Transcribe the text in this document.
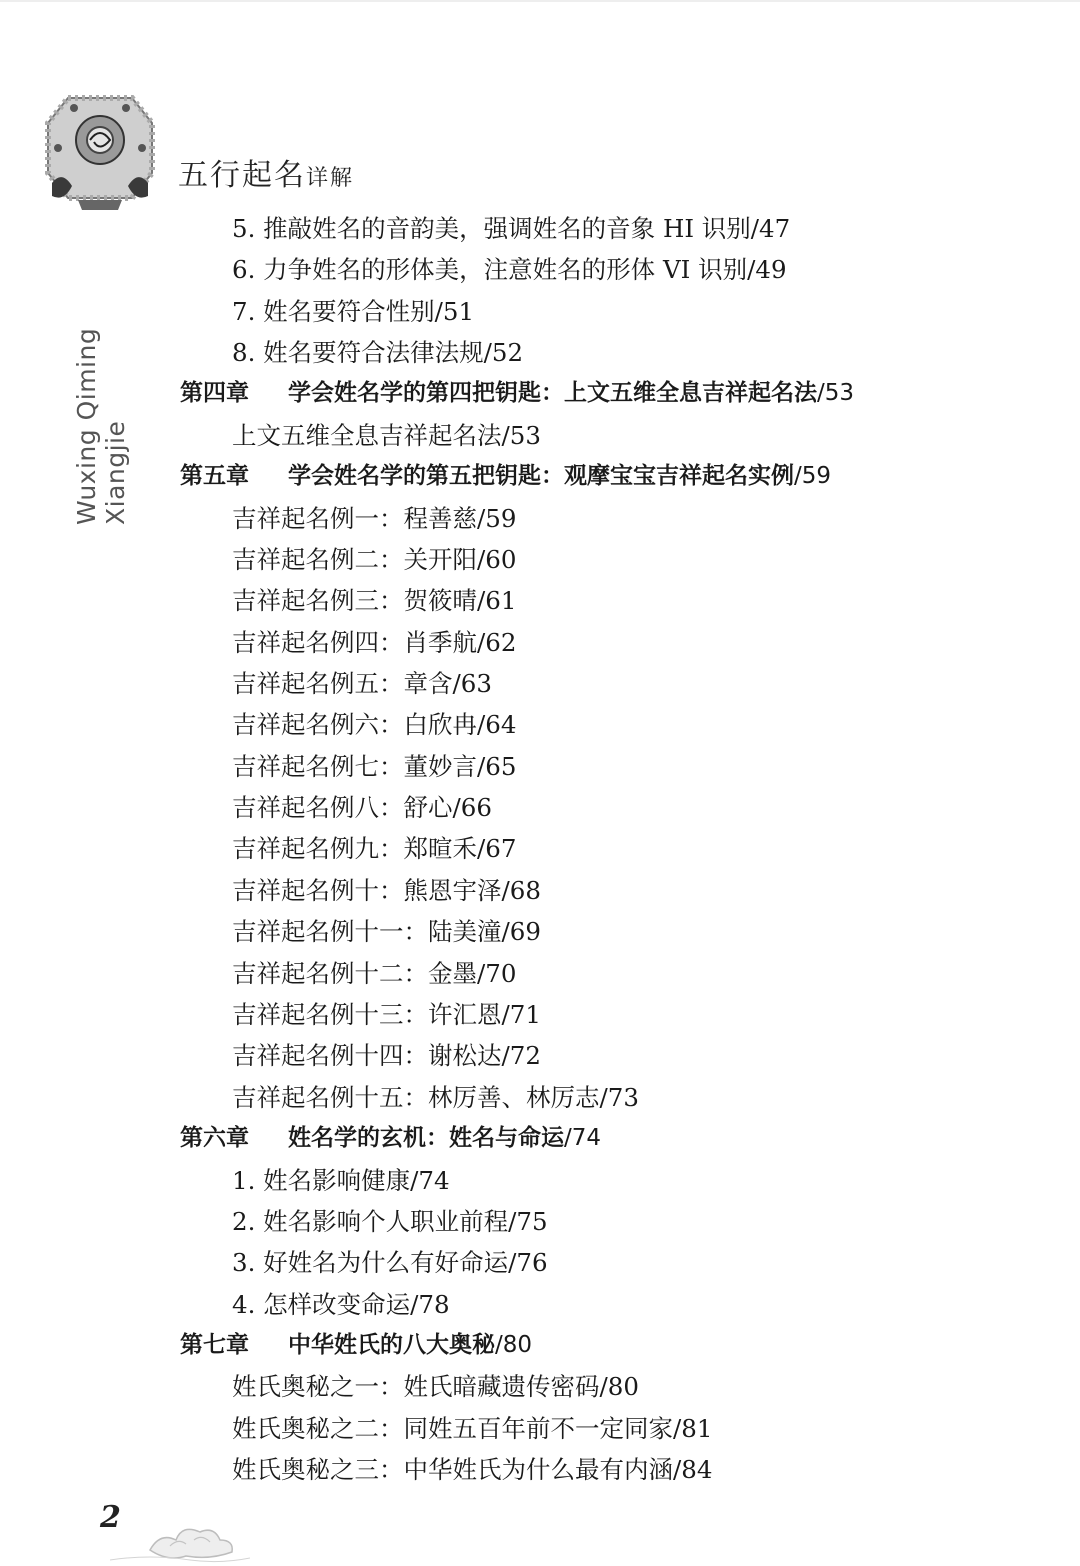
五行起名详解
Wuxing Qiming Xiangjie
5. 推敲姓名的音韵美，强调姓名的音象 HI 识别/47
6. 力争姓名的形体美，注意姓名的形体 VI 识别/49
7. 姓名要符合性别/51
8. 姓名要符合法律法规/52
第四章 学会姓名学的第四把钥匙：上文五维全息吉祥起名法/53
上文五维全息吉祥起名法/53
第五章 学会姓名学的第五把钥匙：观摩宝宝吉祥起名实例/59
吉祥起名例一：程善慈/59
吉祥起名例二：关开阳/60
吉祥起名例三：贺筱晴/61
吉祥起名例四：肖季航/62
吉祥起名例五：章含/63
吉祥起名例六：白欣冉/64
吉祥起名例七：董妙言/65
吉祥起名例八：舒心/66
吉祥起名例九：郑暄禾/67
吉祥起名例十：熊恩宇泽/68
吉祥起名例十一：陆美潼/69
吉祥起名例十二：金墨/70
吉祥起名例十三：许汇恩/71
吉祥起名例十四：谢松达/72
吉祥起名例十五：林厉善、林厉志/73
第六章 姓名学的玄机：姓名与命运/74
1. 姓名影响健康/74
2. 姓名影响个人职业前程/75
3. 好姓名为什么有好命运/76
4. 怎样改变命运/78
第七章 中华姓氏的八大奥秘/80
姓氏奥秘之一：姓氏暗藏遗传密码/80
姓氏奥秘之二：同姓五百年前不一定同家/81
姓氏奥秘之三：中华姓氏为什么最有内涵/84
2
